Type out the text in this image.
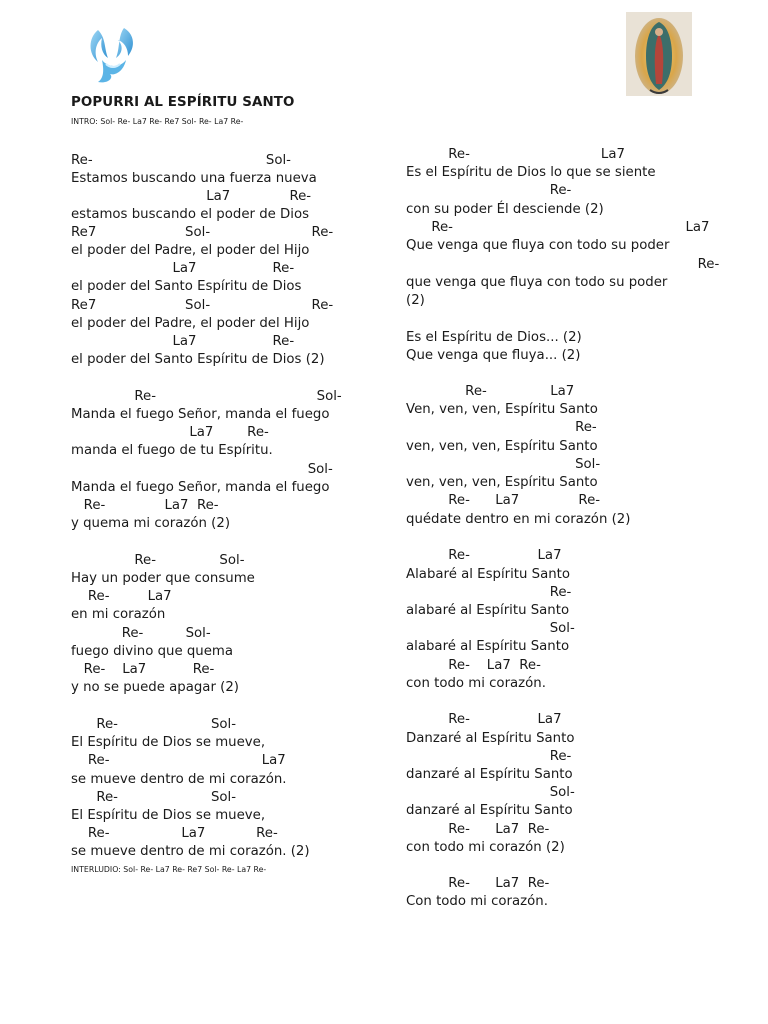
POPURRI AL ESPÍRITU SANTO
INTRO: Sol- Re- La7 Re- Re7 Sol- Re- La7 Re-
Re-                                         Sol-
Estamos buscando una fuerza nueva
La7              Re-
estamos buscando el poder de Dios
Re7                     Sol-                        Re-
el poder del Padre, el poder del Hijo
La7                  Re-
el poder del Santo Espíritu de Dios
Re7                     Sol-                        Re-
el poder del Padre, el poder del Hijo
La7                  Re-
el poder del Santo Espíritu de Dios (2)
Re-                                      Sol-
Manda el fuego Señor, manda el fuego
La7        Re-
manda el fuego de tu Espíritu.
Sol-
Manda el fuego Señor, manda el fuego
Re-              La7  Re-
y quema mi corazón (2)
Re-               Sol-
Hay un poder que consume
Re-         La7
en mi corazón
Re-          Sol-
fuego divino que quema
Re-    La7           Re-
y no se puede apagar (2)
Re-                      Sol-
El Espíritu de Dios se mueve,
Re-                                    La7
se mueve dentro de mi corazón.
Re-                      Sol-
El Espíritu de Dios se mueve,
Re-                 La7            Re-
se mueve dentro de mi corazón. (2)
INTERLUDIO: Sol- Re- La7 Re- Re7 Sol- Re- La7 Re-
Re-                               La7
Es el Espíritu de Dios lo que se siente
Re-
con su poder Él desciende (2)
Re-                                                       La7
Que venga que fluya con todo su poder
Re-
que venga que fluya con todo su poder
(2)
Es el Espíritu de Dios... (2)
Que venga que fluya... (2)
Re-               La7
Ven, ven, ven, Espíritu Santo
Re-
ven, ven, ven, Espíritu Santo
Sol-
ven, ven, ven, Espíritu Santo
Re-      La7              Re-
quédate dentro en mi corazón (2)
Re-                La7
Alabaré al Espíritu Santo
Re-
alabaré al Espíritu Santo
Sol-
alabaré al Espíritu Santo
Re-    La7  Re-
con todo mi corazón.
Re-                La7
Danzaré al Espíritu Santo
Re-
danzaré al Espíritu Santo
Sol-
danzaré al Espíritu Santo
Re-      La7  Re-
con todo mi corazón (2)
Re-      La7  Re-
Con todo mi corazón.
